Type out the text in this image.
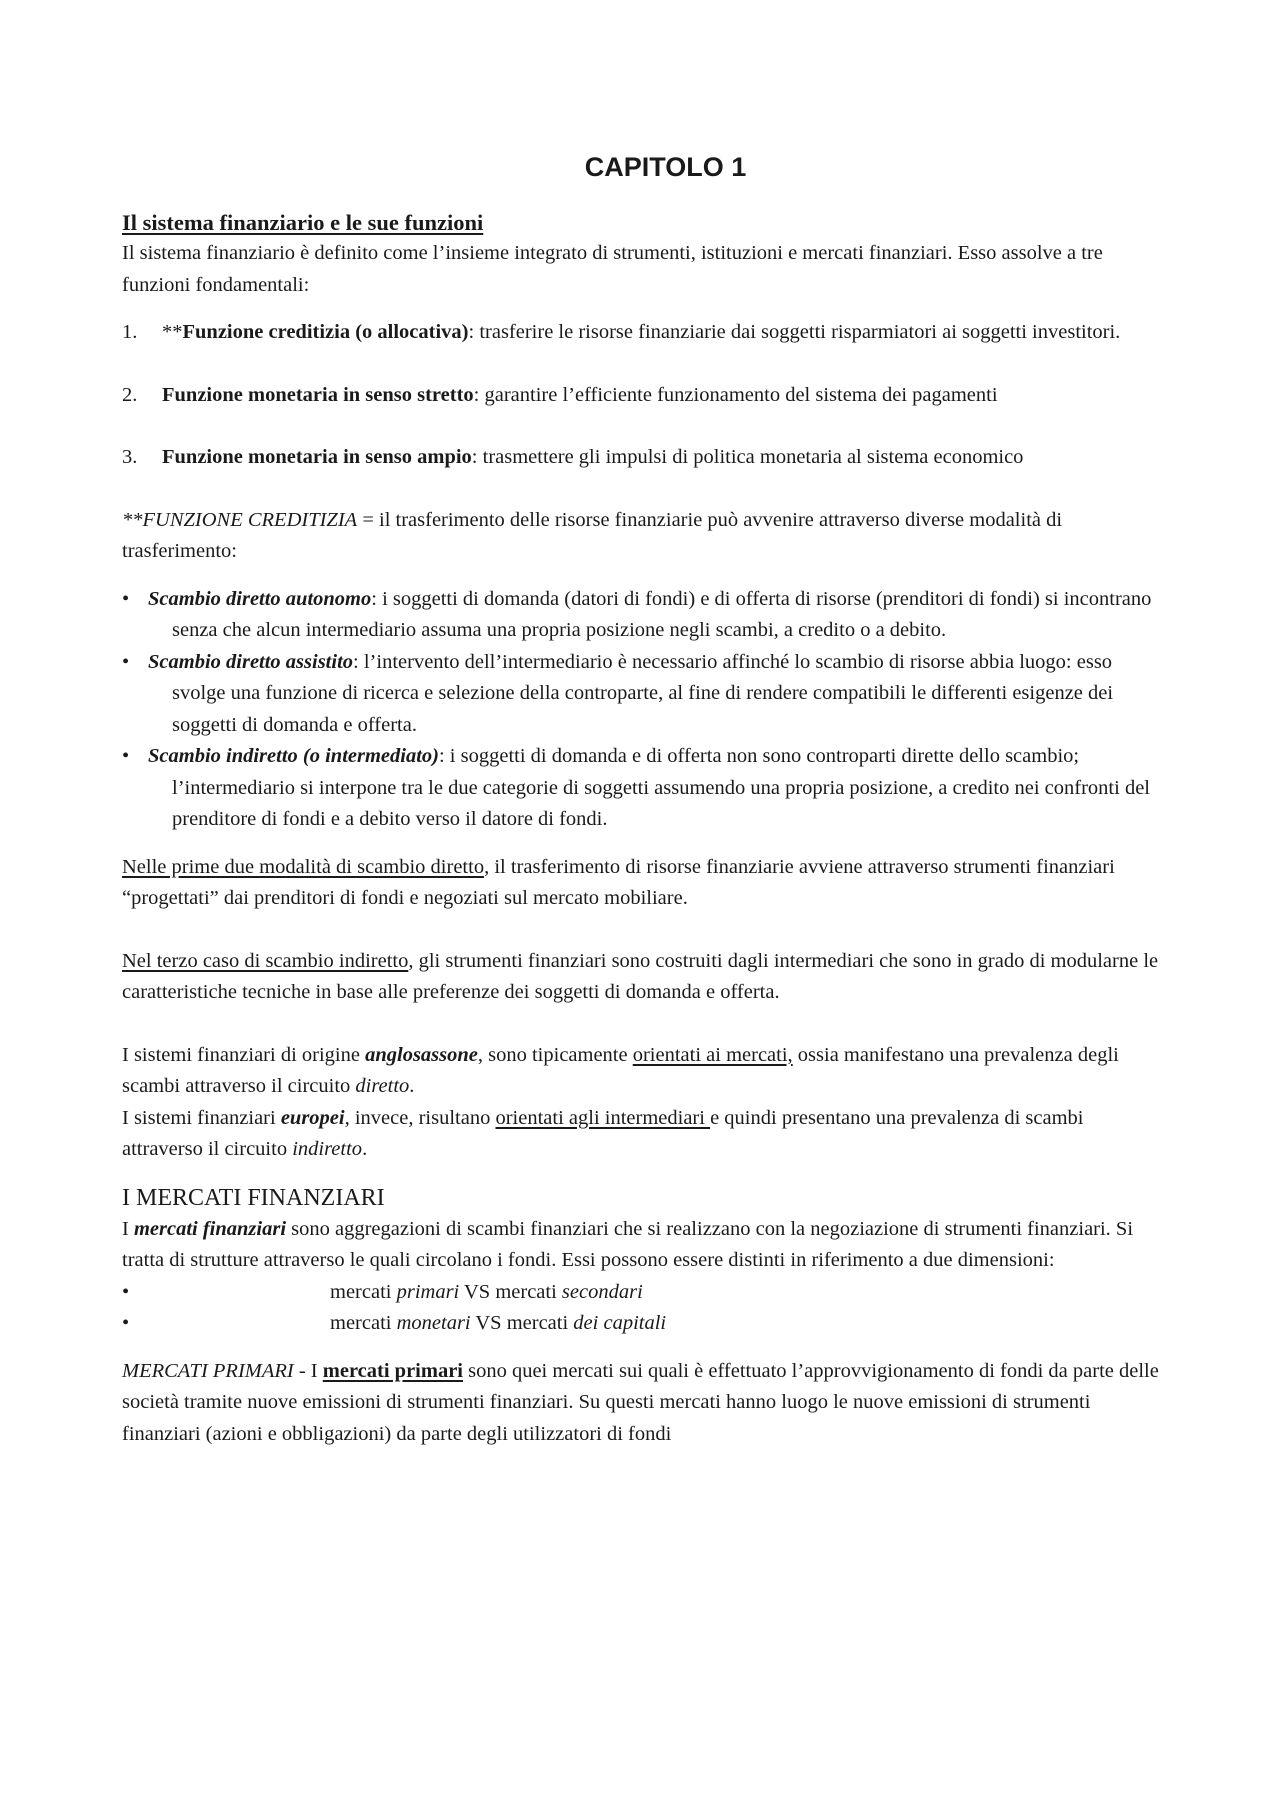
CAPITOLO 1
Il sistema finanziario e le sue funzioni

Il sistema finanziario è definito come l’insieme integrato di strumenti, istituzioni e mercati finanziari. Esso assolve a tre funzioni fondamentali:

1. **Funzione creditizia (o allocativa): trasferire le risorse finanziarie dai soggetti risparmiatori ai soggetti investitori.
2. Funzione monetaria in senso stretto: garantire l’efficiente funzionamento del sistema dei pagamenti
3. Funzione monetaria in senso ampio: trasmettere gli impulsi di politica monetaria al sistema economico

**FUNZIONE CREDITIZIA = il trasferimento delle risorse finanziarie può avvenire attraverso diverse modalità di trasferimento:

• Scambio diretto autonomo: i soggetti di domanda (datori di fondi) e di offerta di risorse (prenditori di fondi) si incontrano senza che alcun intermediario assuma una propria posizione negli scambi, a credito o a debito.
• Scambio diretto assistito: l’intervento dell’intermediario è necessario affinché lo scambio di risorse abbia luogo: esso svolge una funzione di ricerca e selezione della controparte, al fine di rendere compatibili le differenti esigenze dei soggetti di domanda e offerta.
• Scambio indiretto (o intermediato): i soggetti di domanda e di offerta non sono controparti dirette dello scambio; l’intermediario si interpone tra le due categorie di soggetti assumendo una propria posizione, a credito nei confronti del prenditore di fondi e a debito verso il datore di fondi.

Nelle prime due modalità di scambio diretto, il trasferimento di risorse finanziarie avviene attraverso strumenti finanziari “progettati” dai prenditori di fondi e negoziati sul mercato mobiliare.

Nel terzo caso di scambio indiretto, gli strumenti finanziari sono costruiti dagli intermediari che sono in grado di modularne le caratteristiche tecniche in base alle preferenze dei soggetti di domanda e offerta.

I sistemi finanziari di origine anglosassone, sono tipicamente orientati ai mercati, ossia manifestano una prevalenza degli scambi attraverso il circuito diretto.

I sistemi finanziari europei, invece, risultano orientati agli intermediari e quindi presentano una prevalenza di scambi attraverso il circuito indiretto.

I MERCATI FINANZIARI

I mercati finanziari sono aggregazioni di scambi finanziari che si realizzano con la negoziazione di strumenti finanziari. Si tratta di strutture attraverso le quali circolano i fondi. Essi possono essere distinti in riferimento a due dimensioni:

•	mercati primari VS mercati secondari
•	mercati monetari VS mercati dei capitali

MERCATI PRIMARI - I mercati primari sono quei mercati sui quali è effettuato l’approvvigionamento di fondi da parte delle società tramite nuove emissioni di strumenti finanziari. Su questi mercati hanno luogo le nuove emissioni di strumenti finanziari (azioni e obbligazioni) da parte degli utilizzatori di fondi
